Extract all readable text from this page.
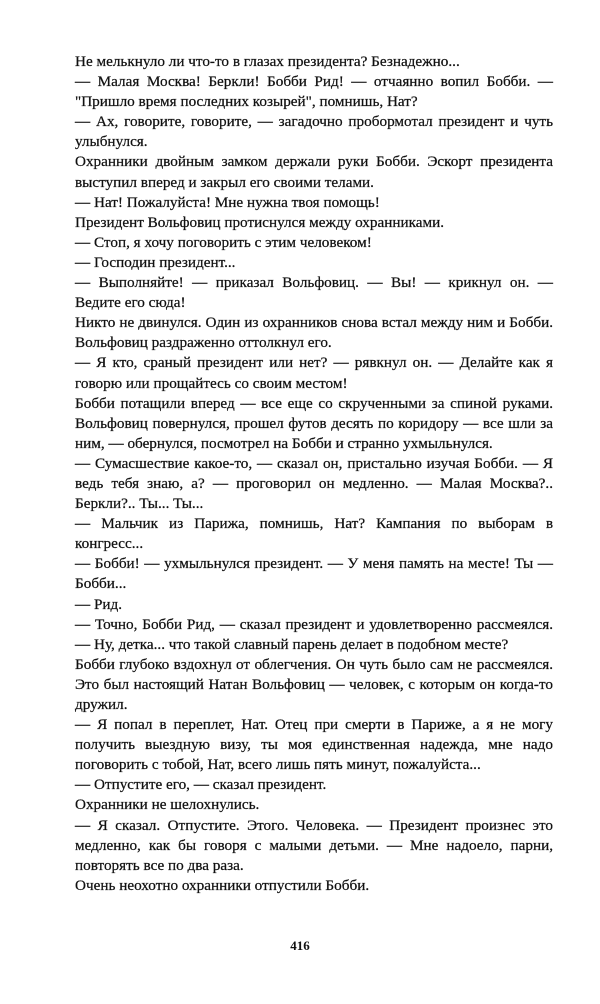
Не мелькнуло ли что-то в глазах президента? Безнадежно...

— Малая Москва! Беркли! Бобби Рид! — отчаянно вопил Бобби. — "Пришло время последних козырей", помнишь, Нат?

— Ах, говорите, говорите, — загадочно пробормотал президент и чуть улыбнулся.

Охранники двойным замком держали руки Бобби. Эскорт президента выступил вперед и закрыл его своими телами.

— Нат! Пожалуйста! Мне нужна твоя помощь!

Президент Вольфовиц протиснулся между охранниками.

— Стоп, я хочу поговорить с этим человеком!

— Господин президент...

— Выполняйте! — приказал Вольфовиц. — Вы! — крикнул он. — Ведите его сюда!

Никто не двинулся. Один из охранников снова встал между ним и Бобби. Вольфовиц раздраженно оттолкнул его.

— Я кто, сраный президент или нет? — рявкнул он. — Делайте как я говорю или прощайтесь со своим местом!

Бобби потащили вперед — все еще со скрученными за спиной руками. Вольфовиц повернулся, прошел футов десять по коридору — все шли за ним, — обернулся, посмотрел на Бобби и странно ухмыльнулся.

— Сумасшествие какое-то, — сказал он, пристально изучая Бобби. — Я ведь тебя знаю, а? — проговорил он медленно. — Малая Москва?.. Беркли?.. Ты... Ты...

— Мальчик из Парижа, помнишь, Нат? Кампания по выборам в конгресс...

— Бобби! — ухмыльнулся президент. — У меня память на месте! Ты — Бобби...

— Рид.

— Точно, Бобби Рид, — сказал президент и удовлетворенно рассмеялся. — Ну, детка... что такой славный парень делает в подобном месте?

Бобби глубоко вздохнул от облегчения. Он чуть было сам не рассмеялся. Это был настоящий Натан Вольфовиц — человек, с которым он когда-то дружил.

— Я попал в переплет, Нат. Отец при смерти в Париже, а я не могу получить выездную визу, ты моя единственная надежда, мне надо поговорить с тобой, Нат, всего лишь пять минут, пожалуйста...

— Отпустите его, — сказал президент.

Охранники не шелохнулись.

— Я сказал. Отпустите. Этого. Человека. — Президент произнес это медленно, как бы говоря с малыми детьми. — Мне надоело, парни, повторять все по два раза.

Очень неохотно охранники отпустили Бобби.

416
